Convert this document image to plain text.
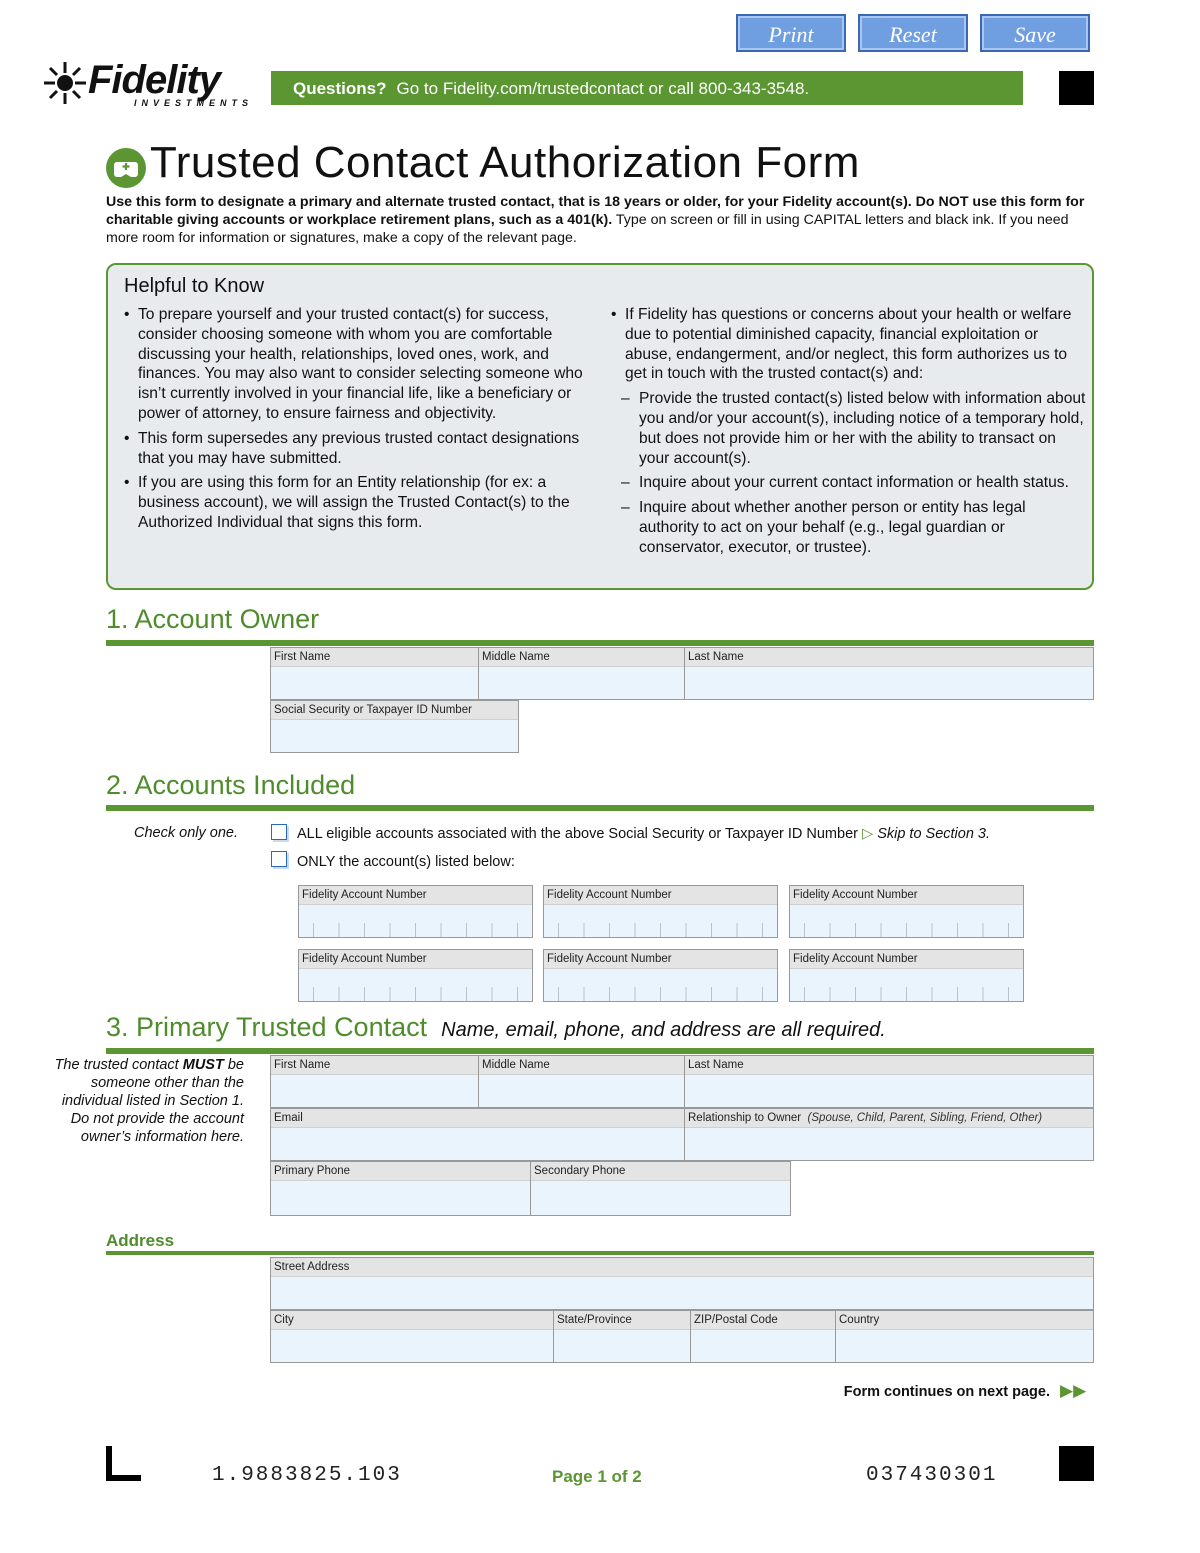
Print	Reset	Save
Fidelity
INVESTMENTS
Questions? Go to Fidelity.com/trustedcontact or call 800-343-3548.
Trusted Contact Authorization Form
Use this form to designate a primary and alternate trusted contact, that is 18 years or older, for your Fidelity account(s). Do NOT use this form for charitable giving accounts or workplace retirement plans, such as a 401(k). Type on screen or fill in using CAPITAL letters and black ink. If you need more room for information or signatures, make a copy of the relevant page.
Helpful to Know
• To prepare yourself and your trusted contact(s) for success, consider choosing someone with whom you are comfortable discussing your health, relationships, loved ones, work, and finances. You may also want to consider selecting someone who isn’t currently involved in your financial life, like a beneficiary or power of attorney, to ensure fairness and objectivity.
• This form supersedes any previous trusted contact designations that you may have submitted.
• If you are using this form for an Entity relationship (for ex: a business account), we will assign the Trusted Contact(s) to the Authorized Individual that signs this form.
• If Fidelity has questions or concerns about your health or welfare due to potential diminished capacity, financial exploitation or abuse, endangerment, and/or neglect, this form authorizes us to get in touch with the trusted contact(s) and:
– Provide the trusted contact(s) listed below with information about you and/or your account(s), including notice of a temporary hold, but does not provide him or her with the ability to transact on your account(s).
– Inquire about your current contact information or health status.
– Inquire about whether another person or entity has legal authority to act on your behalf (e.g., legal guardian or conservator, executor, or trustee).
1. Account Owner
First Name	Middle Name	Last Name
Social Security or Taxpayer ID Number
2. Accounts Included
Check only one.	ALL eligible accounts associated with the above Social Security or Taxpayer ID Number ▷ Skip to Section 3.
ONLY the account(s) listed below:
Fidelity Account Number	Fidelity Account Number	Fidelity Account Number
Fidelity Account Number	Fidelity Account Number	Fidelity Account Number
3. Primary Trusted Contact Name, email, phone, and address are all required.
The trusted contact MUST be someone other than the individual listed in Section 1. Do not provide the account owner’s information here.
First Name	Middle Name	Last Name
Email	Relationship to Owner (Spouse, Child, Parent, Sibling, Friend, Other)
Primary Phone	Secondary Phone
Address
Street Address
City	State/Province	ZIP/Postal Code	Country
Form continues on next page. ▶▶
1.9883825.103	Page 1 of 2	037430301
